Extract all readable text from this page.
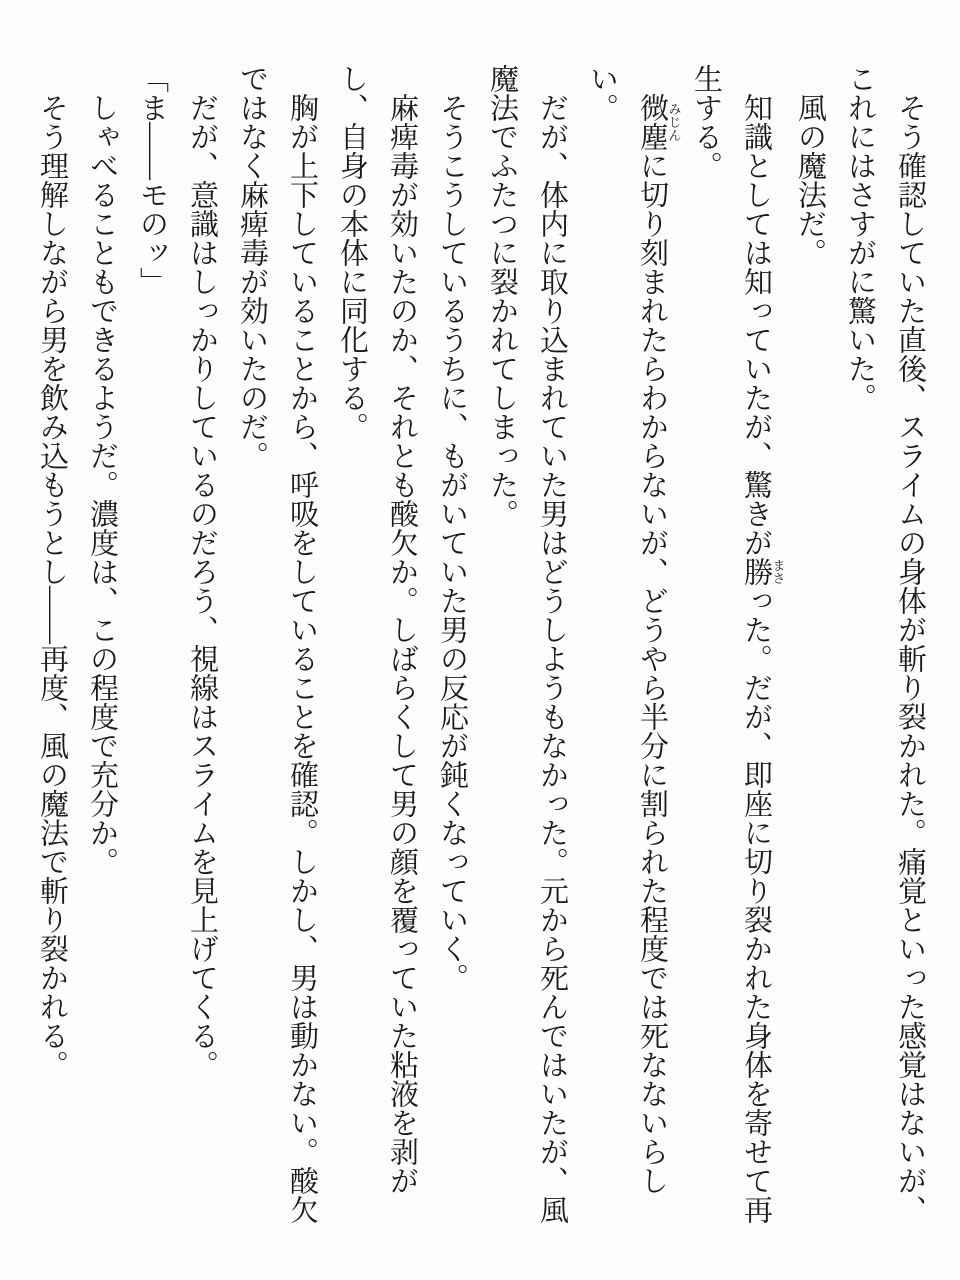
そう確認していた直後、スライムの身体が斬り裂かれた。痛覚といった感覚はないが、これにはさすがに驚いた。

風の魔法だ。

知識としては知っていたが、驚きが勝まさった。だが、即座に切り裂かれた身体を寄せて再生する。

微塵みじんに切り刻まれたらわからないが、どうやら半分に割られた程度では死なないらしい。

だが、体内に取り込まれていた男はどうしようもなかった。元から死んではいたが、風魔法でふたつに裂かれてしまった。

そうこうしているうちに、もがいていた男の反応が鈍くなっていく。

麻痺毒が効いたのか、それとも酸欠か。しばらくして男の顔を覆っていた粘液を剥がし、自身の本体に同化する。

胸が上下していることから、呼吸をしていることを確認。しかし、男は動かない。酸欠ではなく麻痺毒が効いたのだ。

だが、意識はしっかりしているのだろう、視線はスライムを見上げてくる。

「ま――モのッ」

しゃべることもできるようだ。濃度は、この程度で充分か。

そう理解しながら男を飲み込もうとし――再度、風の魔法で斬り裂かれる。
